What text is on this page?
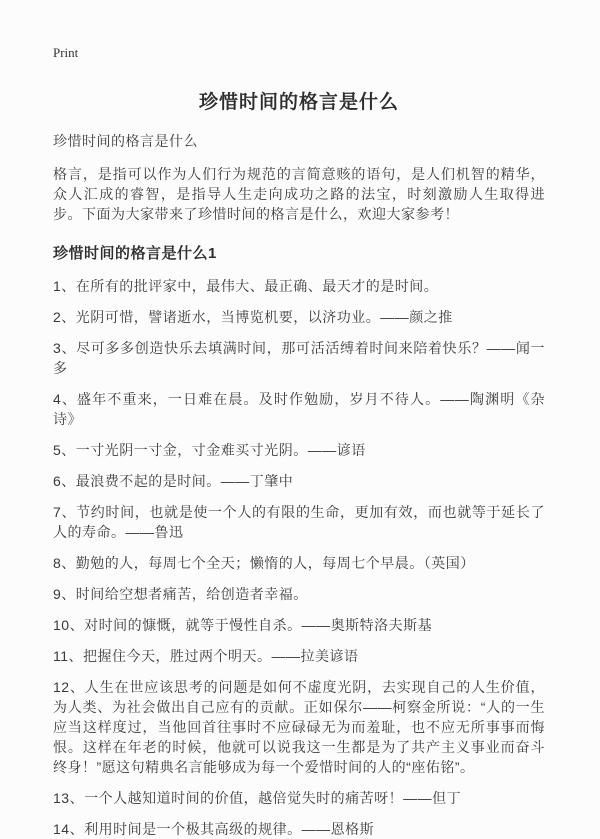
Print
珍惜时间的格言是什么
珍惜时间的格言是什么

格言，是指可以作为人们行为规范的言简意赅的语句，是人们机智的精华，众人汇成的睿智，是指导人生走向成功之路的法宝，时刻激励人生取得进步。下面为大家带来了珍惜时间的格言是什么，欢迎大家参考！

珍惜时间的格言是什么1

1、在所有的批评家中，最伟大、最正确、最天才的是时间。

2、光阴可惜，譬诸逝水，当博览机要，以济功业。——颜之推

3、尽可多多创造快乐去填满时间，那可活活缚着时间来陪着快乐？——闻一多

4、盛年不重来，一日难在晨。及时作勉励，岁月不待人。——陶渊明《杂诗》

5、一寸光阴一寸金，寸金难买寸光阴。——谚语

6、最浪费不起的是时间。——丁肇中

7、节约时间，也就是使一个人的有限的生命，更加有效，而也就等于延长了人的寿命。——鲁迅

8、勤勉的人，每周七个全天；懒惰的人，每周七个早晨。（英国）

9、时间给空想者痛苦，给创造者幸福。

10、对时间的慷慨，就等于慢性自杀。——奥斯特洛夫斯基

11、把握住今天，胜过两个明天。——拉美谚语

12、人生在世应该思考的问题是如何不虚度光阴，去实现自己的人生价值，为人类、为社会做出自己应有的贡献。正如保尔——柯察金所说：“人的一生应当这样度过，当他回首往事时不应碌碌无为而羞耻，也不应无所事事而悔恨。这样在年老的时候，他就可以说我这一生都是为了共产主义事业而奋斗终身！”愿这句精典名言能够成为每一个爱惜时间的人的“座佑铭”。

13、一个人越知道时间的价值，越倍觉失时的痛苦呀！——但丁

14、利用时间是一个极其高级的规律。——恩格斯
